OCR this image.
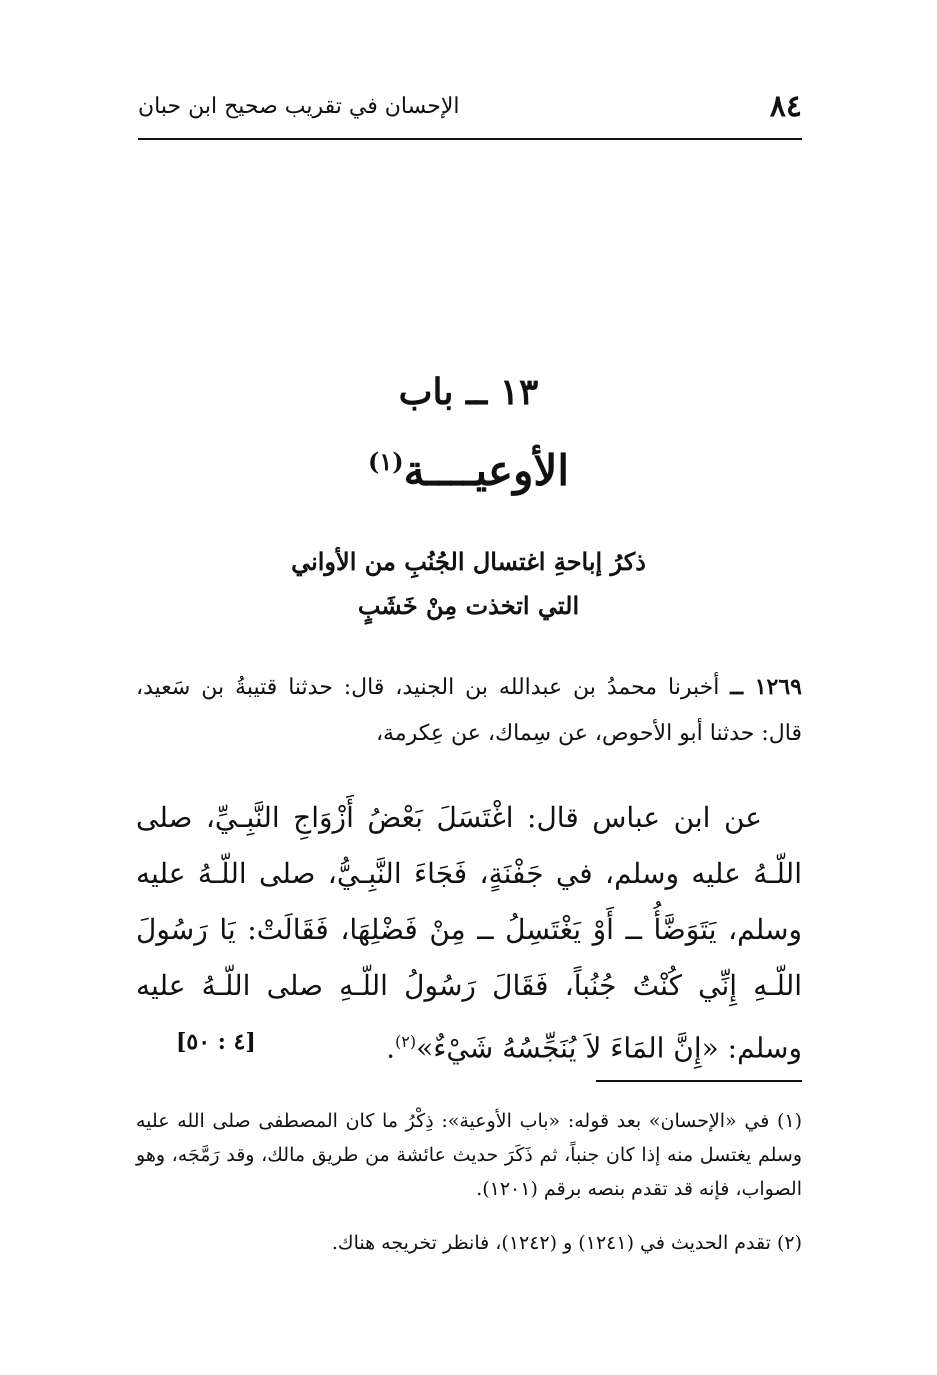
٨٤
الإحسان في تقريب صحيح ابن حبان
١٣ ــ باب
الأوعيــــة$^{(١)}$
ذكرُ إباحةِ اغتسال الجُنُبِ من الأواني
التي اتخذت مِنْ خَشَبٍ

١٢٦٩ ــ أخبرنا محمدُ بن عبدالله بن الجنيد، قال: حدثنا قتيبةُ بن سَعيد، قال: حدثنا أبو الأحوص، عن سِماك، عن عِكرمة،

عن ابن عباس قال: اغْتَسَلَ بَعْضُ أَزْوَاجِ النَّبِـيِّ، صلى اللّـهُ عليه وسلم، في جَفْنَةٍ، فَجَاءَ النَّبِـيُّ، صلى اللّـهُ عليه وسلم، يَتَوَضَّأُ ــ أَوْ يَغْتَسِلُ ــ مِنْ فَضْلِهَا، فَقَالَتْ: يَا رَسُولَ اللّـهِ إِنِّي كُنْتُ جُنُباً، فَقَالَ رَسُولُ اللّـهِ صلى اللّـهُ عليه وسلم: «إِنَّ المَاءَ لاَ يُنَجِّسُهُ شَيْءٌ»$^{(٢)}$.
[٤ : ٥٠]

(١) في «الإحسان» بعد قوله: «باب الأوعية»: ذِكْرُ ما كان المصطفى صلى الله عليه وسلم يغتسل منه إذا كان جنباً، ثم ذَكَرَ حديث عائشة من طريق مالك، وقد رَمَّجَه، وهو الصواب، فإنه قد تقدم بنصه برقم (١٢٠١).
(٢) تقدم الحديث في (١٢٤١) و (١٢٤٢)، فانظر تخريجه هناك.
